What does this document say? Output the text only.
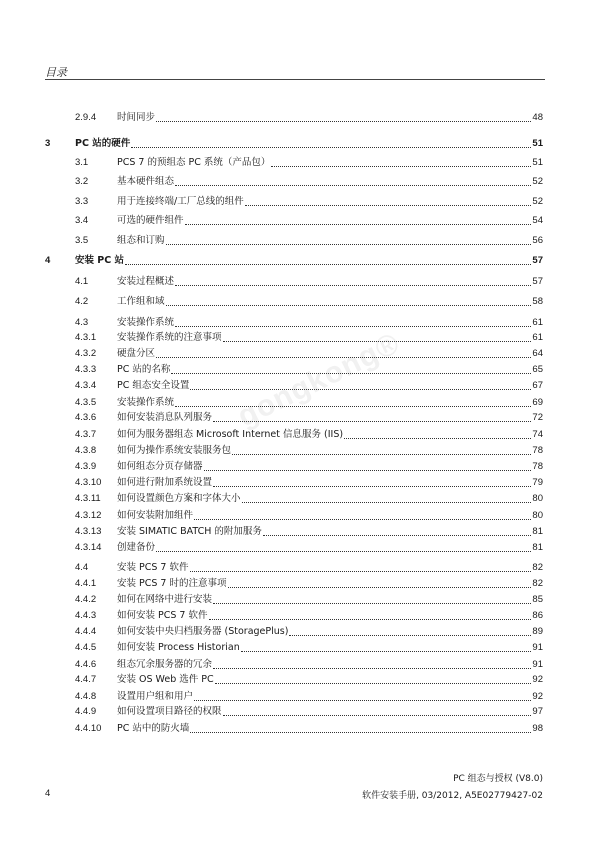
目录
2.9.4 时间同步	48
3	PC 站的硬件	51
3.1	PCS 7 的预组态 PC 系统（产品包）	51
3.2	基本硬件组态	52
3.3	用于连接终端/工厂总线的组件	52
3.4	可选的硬件组件	54
3.5	组态和订购	56
4	安装 PC 站	57
4.1	安装过程概述	57
4.2	工作组和域	58
4.3	安装操作系统	61
4.3.1 安装操作系统的注意事项	61
4.3.2 硬盘分区	64
4.3.3 PC 站的名称	65
4.3.4 PC 组态安全设置	67
4.3.5 安装操作系统	69
4.3.6 如何安装消息队列服务	72
4.3.7 如何为服务器组态 Microsoft Internet 信息服务 (IIS)	74
4.3.8 如何为操作系统安装服务包	78
4.3.9 如何组态分页存储器	78
4.3.10 如何进行附加系统设置	79
4.3.11 如何设置颜色方案和字体大小	80
4.3.12 如何安装附加组件	80
4.3.13 安装 SIMATIC BATCH 的附加服务	81
4.3.14 创建备份	81
4.4	安装 PCS 7 软件	82
4.4.1 安装 PCS 7 时的注意事项	82
4.4.2 如何在网络中进行安装	85
4.4.3 如何安装 PCS 7 软件	86
4.4.4 如何安装中央归档服务器 (StoragePlus)	89
4.4.5 如何安装 Process Historian	91
4.4.6 组态冗余服务器的冗余	91
4.4.7 安装 OS Web 选件 PC	92
4.4.8 设置用户组和用户	92
4.4.9 如何设置项目路径的权限	97
4.4.10 PC 站中的防火墙	98
gongkong®
4
PC 组态与授权 (V8.0)
软件安装手册, 03/2012, A5E02779427-02
